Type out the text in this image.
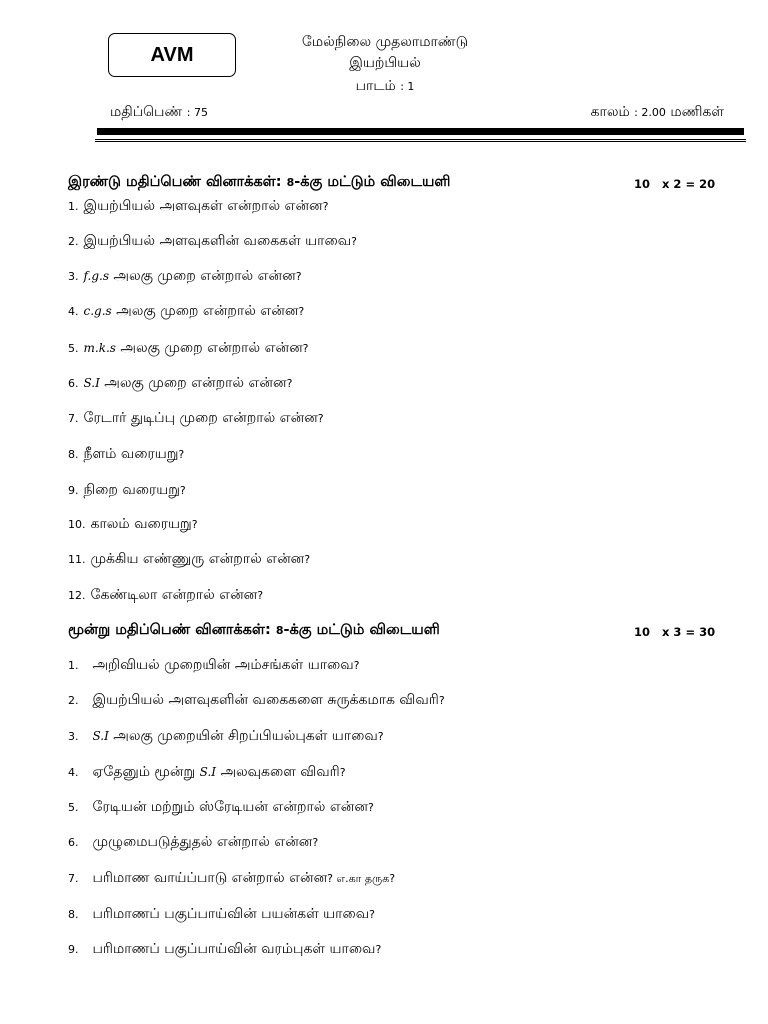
AVM
மேல்நிலை முதலாமாண்டு
இயற்பியல்
பாடம் : 1
மதிப்பெண் : 75	காலம் : 2.00 மணிகள்
இரண்டு மதிப்பெண் வினாக்கள்: 8-க்கு மட்டும் விடையளி	10   x 2 = 20
1. இயற்பியல் அளவுகள் என்றால் என்ன?
2. இயற்பியல் அளவுகளின் வகைகள் யாவை?
3. f.g.s அலகு முறை என்றால் என்ன?
4. c.g.s அலகு முறை என்றால் என்ன?
5. m.k.s அலகு முறை என்றால் என்ன?
6. S.I அலகு முறை என்றால் என்ன?
7. ரேடார் துடிப்பு முறை என்றால் என்ன?
8. நீளம் வரையறு?
9. நிறை வரையறு?
10. காலம் வரையறு?
11. முக்கிய எண்ணுரு என்றால் என்ன?
12. கேண்டிலா என்றால் என்ன?
மூன்று மதிப்பெண் வினாக்கள்: 8-க்கு மட்டும் விடையளி	10   x 3 = 30
1. அறிவியல் முறையின் அம்சங்கள் யாவை?
2. இயற்பியல் அளவுகளின் வகைகளை சுருக்கமாக விவரி?
3. S.I அலகு முறையின் சிறப்பியல்புகள் யாவை?
4. ஏதேனும் மூன்று S.I அலவுகளை விவரி?
5. ரேடியன் மற்றும் ஸ்ரேடியன் என்றால் என்ன?
6. முழுமைபடுத்துதல் என்றால் என்ன?
7. பரிமாண வாய்ப்பாடு என்றால் என்ன? எ.கா தருக?
8. பரிமாணப் பகுப்பாய்வின் பயன்கள் யாவை?
9. பரிமாணப் பகுப்பாய்வின் வரம்புகள் யாவை?
